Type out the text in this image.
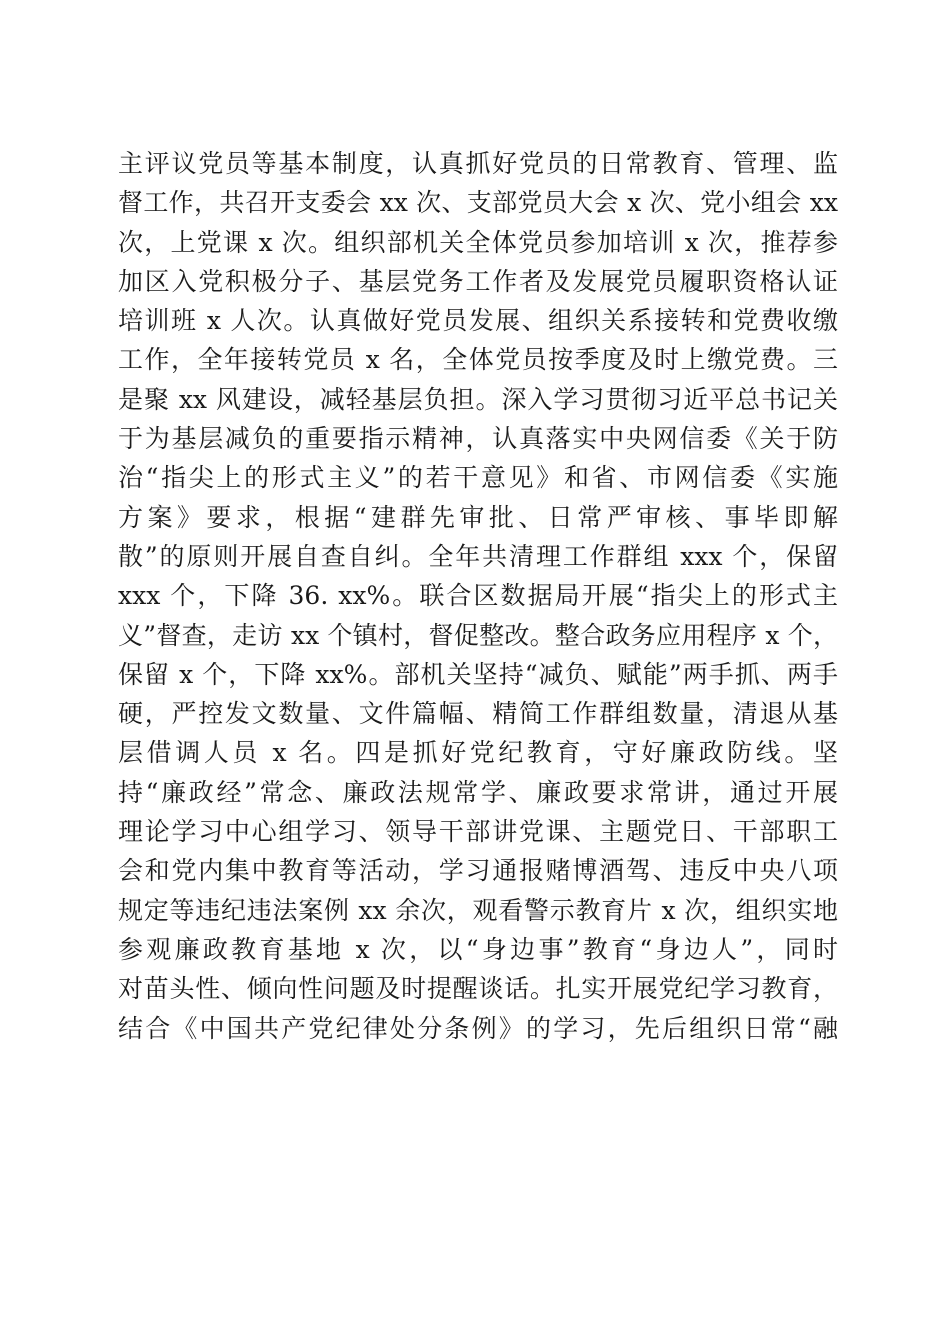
主评议党员等基本制度，认真抓好党员的日常教育、管理、监
督工作，共召开支委会 xx 次、支部党员大会 x 次、党小组会 xx
次，上党课 x 次。组织部机关全体党员参加培训 x 次，推荐参
加区入党积极分子、基层党务工作者及发展党员履职资格认证
培训班 x 人次。认真做好党员发展、组织关系接转和党费收缴
工作，全年接转党员 x 名，全体党员按季度及时上缴党费。三
是聚 xx 风建设，减轻基层负担。深入学习贯彻习近平总书记关
于为基层减负的重要指示精神，认真落实中央网信委《关于防
治“指尖上的形式主义”的若干意见》和省、市网信委《实施
方案》要求，根据“建群先审批、日常严审核、事毕即解
散”的原则开展自查自纠。全年共清理工作群组 xxx 个，保留
xxx 个，下降 36. xx%。联合区数据局开展“指尖上的形式主
义”督查，走访 xx 个镇村，督促整改。整合政务应用程序 x 个，
保留 x 个，下降 xx%。部机关坚持“减负、赋能”两手抓、两手
硬，严控发文数量、文件篇幅、精简工作群组数量，清退从基
层借调人员 x 名。四是抓好党纪教育，守好廉政防线。坚
持“廉政经”常念、廉政法规常学、廉政要求常讲，通过开展
理论学习中心组学习、领导干部讲党课、主题党日、干部职工
会和党内集中教育等活动，学习通报赌博酒驾、违反中央八项
规定等违纪违法案例 xx 余次，观看警示教育片 x 次，组织实地
参观廉政教育基地 x 次，以“身边事”教育“身边人”，同时
对苗头性、倾向性问题及时提醒谈话。扎实开展党纪学习教育，
结合《中国共产党纪律处分条例》的学习，先后组织日常“融
